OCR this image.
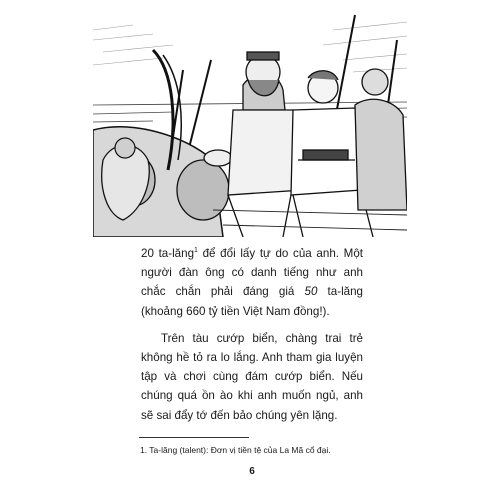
20 ta-lăng$^1$ để đổi lấy tự do của anh. Một người đàn ông có danh tiếng như anh chắc chắn phải đáng giá 50 ta-lăng (khoảng 660 tỷ tiền Việt Nam đồng!).

Trên tàu cướp biển, chàng trai trẻ không hề tỏ ra lo lắng. Anh tham gia luyện tập và chơi cùng đám cướp biển. Nếu chúng quá ồn ào khi anh muốn ngủ, anh sẽ sai đẩy tớ đến bảo chúng yên lặng.

1. Ta-lăng (talent): Đơn vị tiền tệ của La Mã cổ đại.
6
